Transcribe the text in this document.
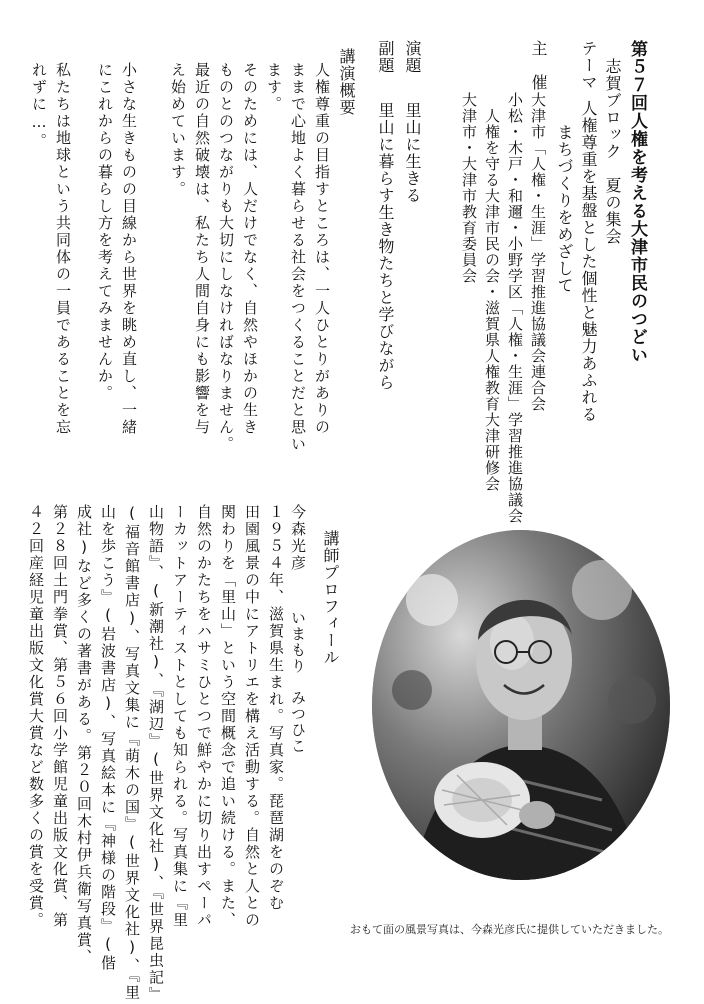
第５７回人権を考える大津市民のつどい
志賀ブロック　夏の集会
テーマ
人権尊重を基盤とした個性と魅力あふれる
まちづくりをめざして
主　催
大津市「人権・生涯」学習推進協議会連合会
小松・木戸・和邇・小野学区「人権・生涯」学習推進協議会
人権を守る大津市民の会・滋賀県人権教育大津研修会
大津市・大津市教育委員会
演題
里山に生きる
副題
里山に暮らす生き物たちと学びながら
講演概要
人権尊重の目指すところは、一人ひとりがありの
ままで心地よく暮らせる社会をつくることだと思い
ます。
そのためには、人だけでなく、自然やほかの生き
ものとのつながりも大切にしなければなりません。
最近の自然破壊は、私たち人間自身にも影響を与
え始めています。
小さな生きものの目線から世界を眺め直し、一緒
にこれからの暮らし方を考えてみませんか。
私たちは地球という共同体の一員であることを忘
れずに…。
講師プロフィール
今森光彦
いまもり　みつひこ
１９５４年、滋賀県生まれ。写真家。琵琶湖をのぞむ
田園風景の中にアトリエを構え活動する。自然と人との
関わりを「里山」という空間概念で追い続ける。また、
自然のかたちをハサミひとつで鮮やかに切り出すペーパ
ーカットアーティストとしても知られる。写真集に『里
山物語』、(新潮社)、『湖辺』(世界文化社)、『世界昆虫記』
(福音館書店)、写真文集に『萌木の国』(世界文化社)、『里
山を歩こう』(岩波書店)、写真絵本に『神様の階段』(偕
成社)など多くの著書がある。第２０回木村伊兵衛写真賞、
第２８回土門拳賞、第５６回小学館児童出版文化賞、第
４２回産経児童出版文化賞大賞など数多くの賞を受賞。
おもて面の風景写真は、今森光彦氏に提供していただきました。
